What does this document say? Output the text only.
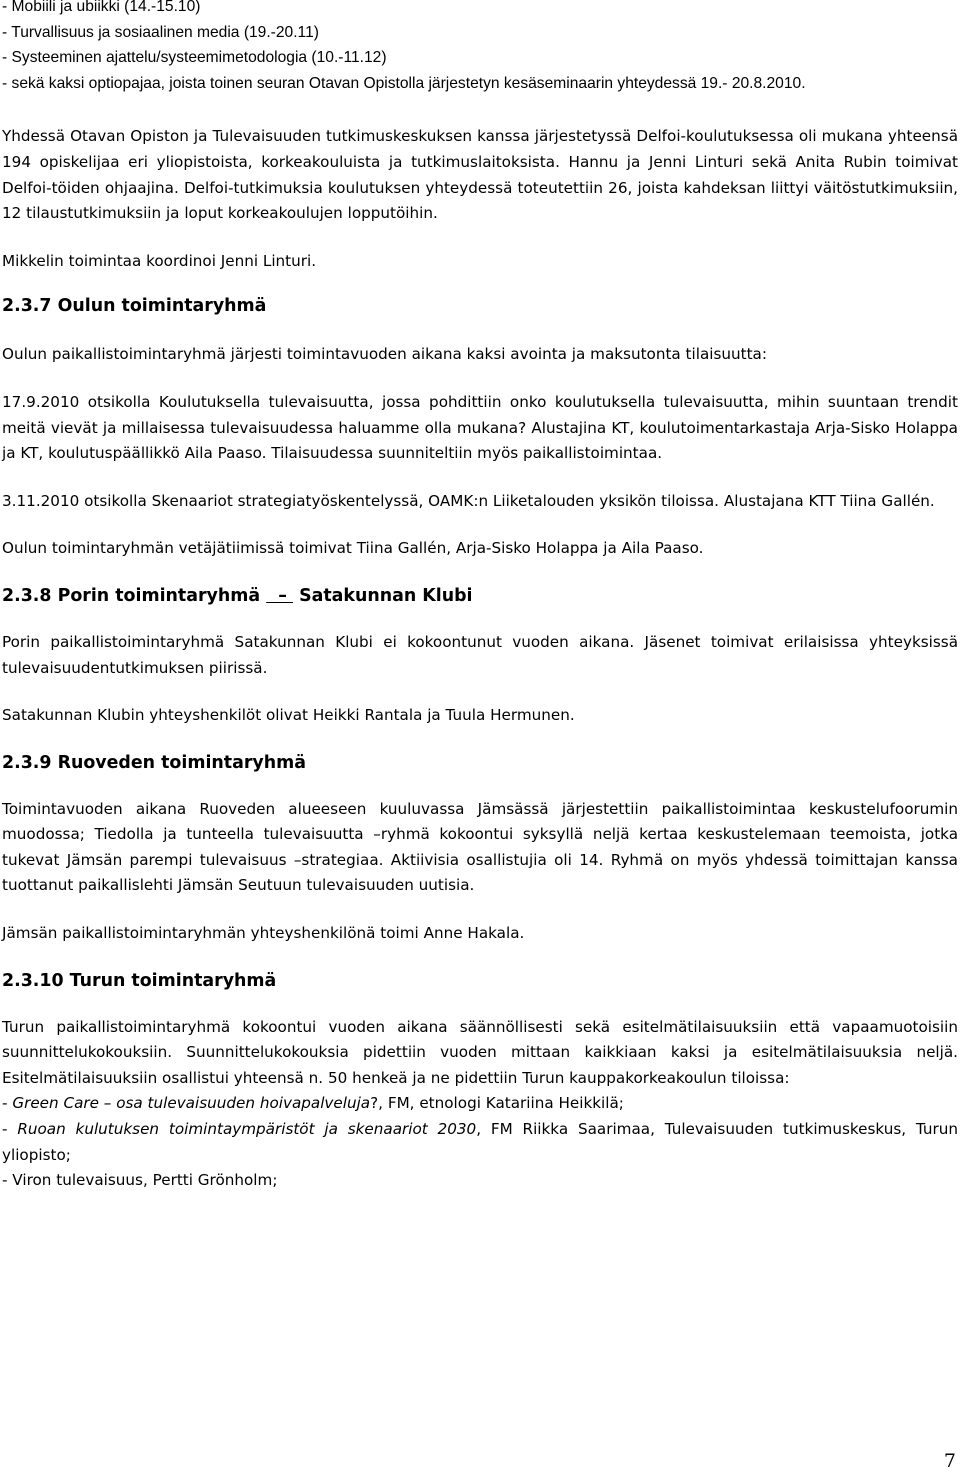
- Mobiili ja ubiikki (14.-15.10)
- Turvallisuus ja sosiaalinen media (19.-20.11)
- Systeeminen ajattelu/systeemimetodologia (10.-11.12)
- sekä kaksi optiopajaa, joista toinen seuran Otavan Opistolla järjestetyn kesäseminaarin yhteydessä 19.- 20.8.2010.

Yhdessä Otavan Opiston ja Tulevaisuuden tutkimuskeskuksen kanssa järjestetyssä Delfoi-koulutuksessa oli mukana yhteensä 194 opiskelijaa eri yliopistoista, korkeakouluista ja tutkimuslaitoksista. Hannu ja Jenni Linturi sekä Anita Rubin toimivat Delfoi-töiden ohjaajina. Delfoi-tutkimuksia koulutuksen yhteydessä toteutettiin 26, joista kahdeksan liittyi väitöstutkimuksiin, 12 tilaustutkimuksiin ja loput korkeakoulujen lopputöihin.

Mikkelin toimintaa koordinoi Jenni Linturi.

2.3.7 Oulun toimintaryhmä

Oulun paikallistoimintaryhmä järjesti toimintavuoden aikana kaksi avointa ja maksutonta tilaisuutta:

17.9.2010 otsikolla Koulutuksella tulevaisuutta, jossa pohdittiin onko koulutuksella tulevaisuutta, mihin suuntaan trendit meitä vievät ja millaisessa tulevaisuudessa haluamme olla mukana? Alustajina KT, koulutoimentarkastaja Arja-Sisko Holappa ja KT, koulutuspäällikkö Aila Paaso. Tilaisuudessa suunniteltiin myös paikallistoimintaa.

3.11.2010 otsikolla Skenaariot strategiatyöskentelyssä, OAMK:n Liiketalouden yksikön tiloissa. Alustajana KTT Tiina Gallén.

Oulun toimintaryhmän vetäjätiimissä toimivat Tiina Gallén, Arja-Sisko Holappa ja Aila Paaso.

2.3.8 Porin toimintaryhmä   –  Satakunnan Klubi

Porin paikallistoimintaryhmä Satakunnan Klubi ei kokoontunut vuoden aikana. Jäsenet toimivat erilaisissa yhteyksissä tulevaisuudentutkimuksen piirissä.

Satakunnan Klubin yhteyshenkilöt olivat Heikki Rantala ja Tuula Hermunen.

2.3.9 Ruoveden toimintaryhmä

Toimintavuoden aikana Ruoveden alueeseen kuuluvassa Jämsässä järjestettiin paikallistoimintaa keskustelufoorumin muodossa; Tiedolla ja tunteella tulevaisuutta –ryhmä kokoontui syksyllä neljä kertaa keskustelemaan teemoista, jotka tukevat Jämsän parempi tulevaisuus –strategiaa. Aktiivisia osallistujia oli 14. Ryhmä on myös yhdessä toimittajan kanssa tuottanut paikallislehti Jämsän Seutuun tulevaisuuden uutisia.

Jämsän paikallistoimintaryhmän yhteyshenkilönä toimi Anne Hakala.

2.3.10 Turun toimintaryhmä

Turun paikallistoimintaryhmä kokoontui vuoden aikana säännöllisesti sekä esitelmätilaisuuksiin että vapaamuotoisiin suunnittelukokouksiin. Suunnittelukokouksia pidettiin vuoden mittaan kaikkiaan kaksi ja esitelmätilaisuuksia neljä. Esitelmätilaisuuksiin osallistui yhteensä n. 50 henkeä ja ne pidettiin Turun kauppakorkeakoulun tiloissa:

- Green Care – osa tulevaisuuden hoivapalveluja?, FM, etnologi Katariina Heikkilä;

- Ruoan kulutuksen toimintaympäristöt ja skenaariot 2030, FM Riikka Saarimaa, Tulevaisuuden tutkimuskeskus, Turun yliopisto;

- Viron tulevaisuus, Pertti Grönholm;

7
